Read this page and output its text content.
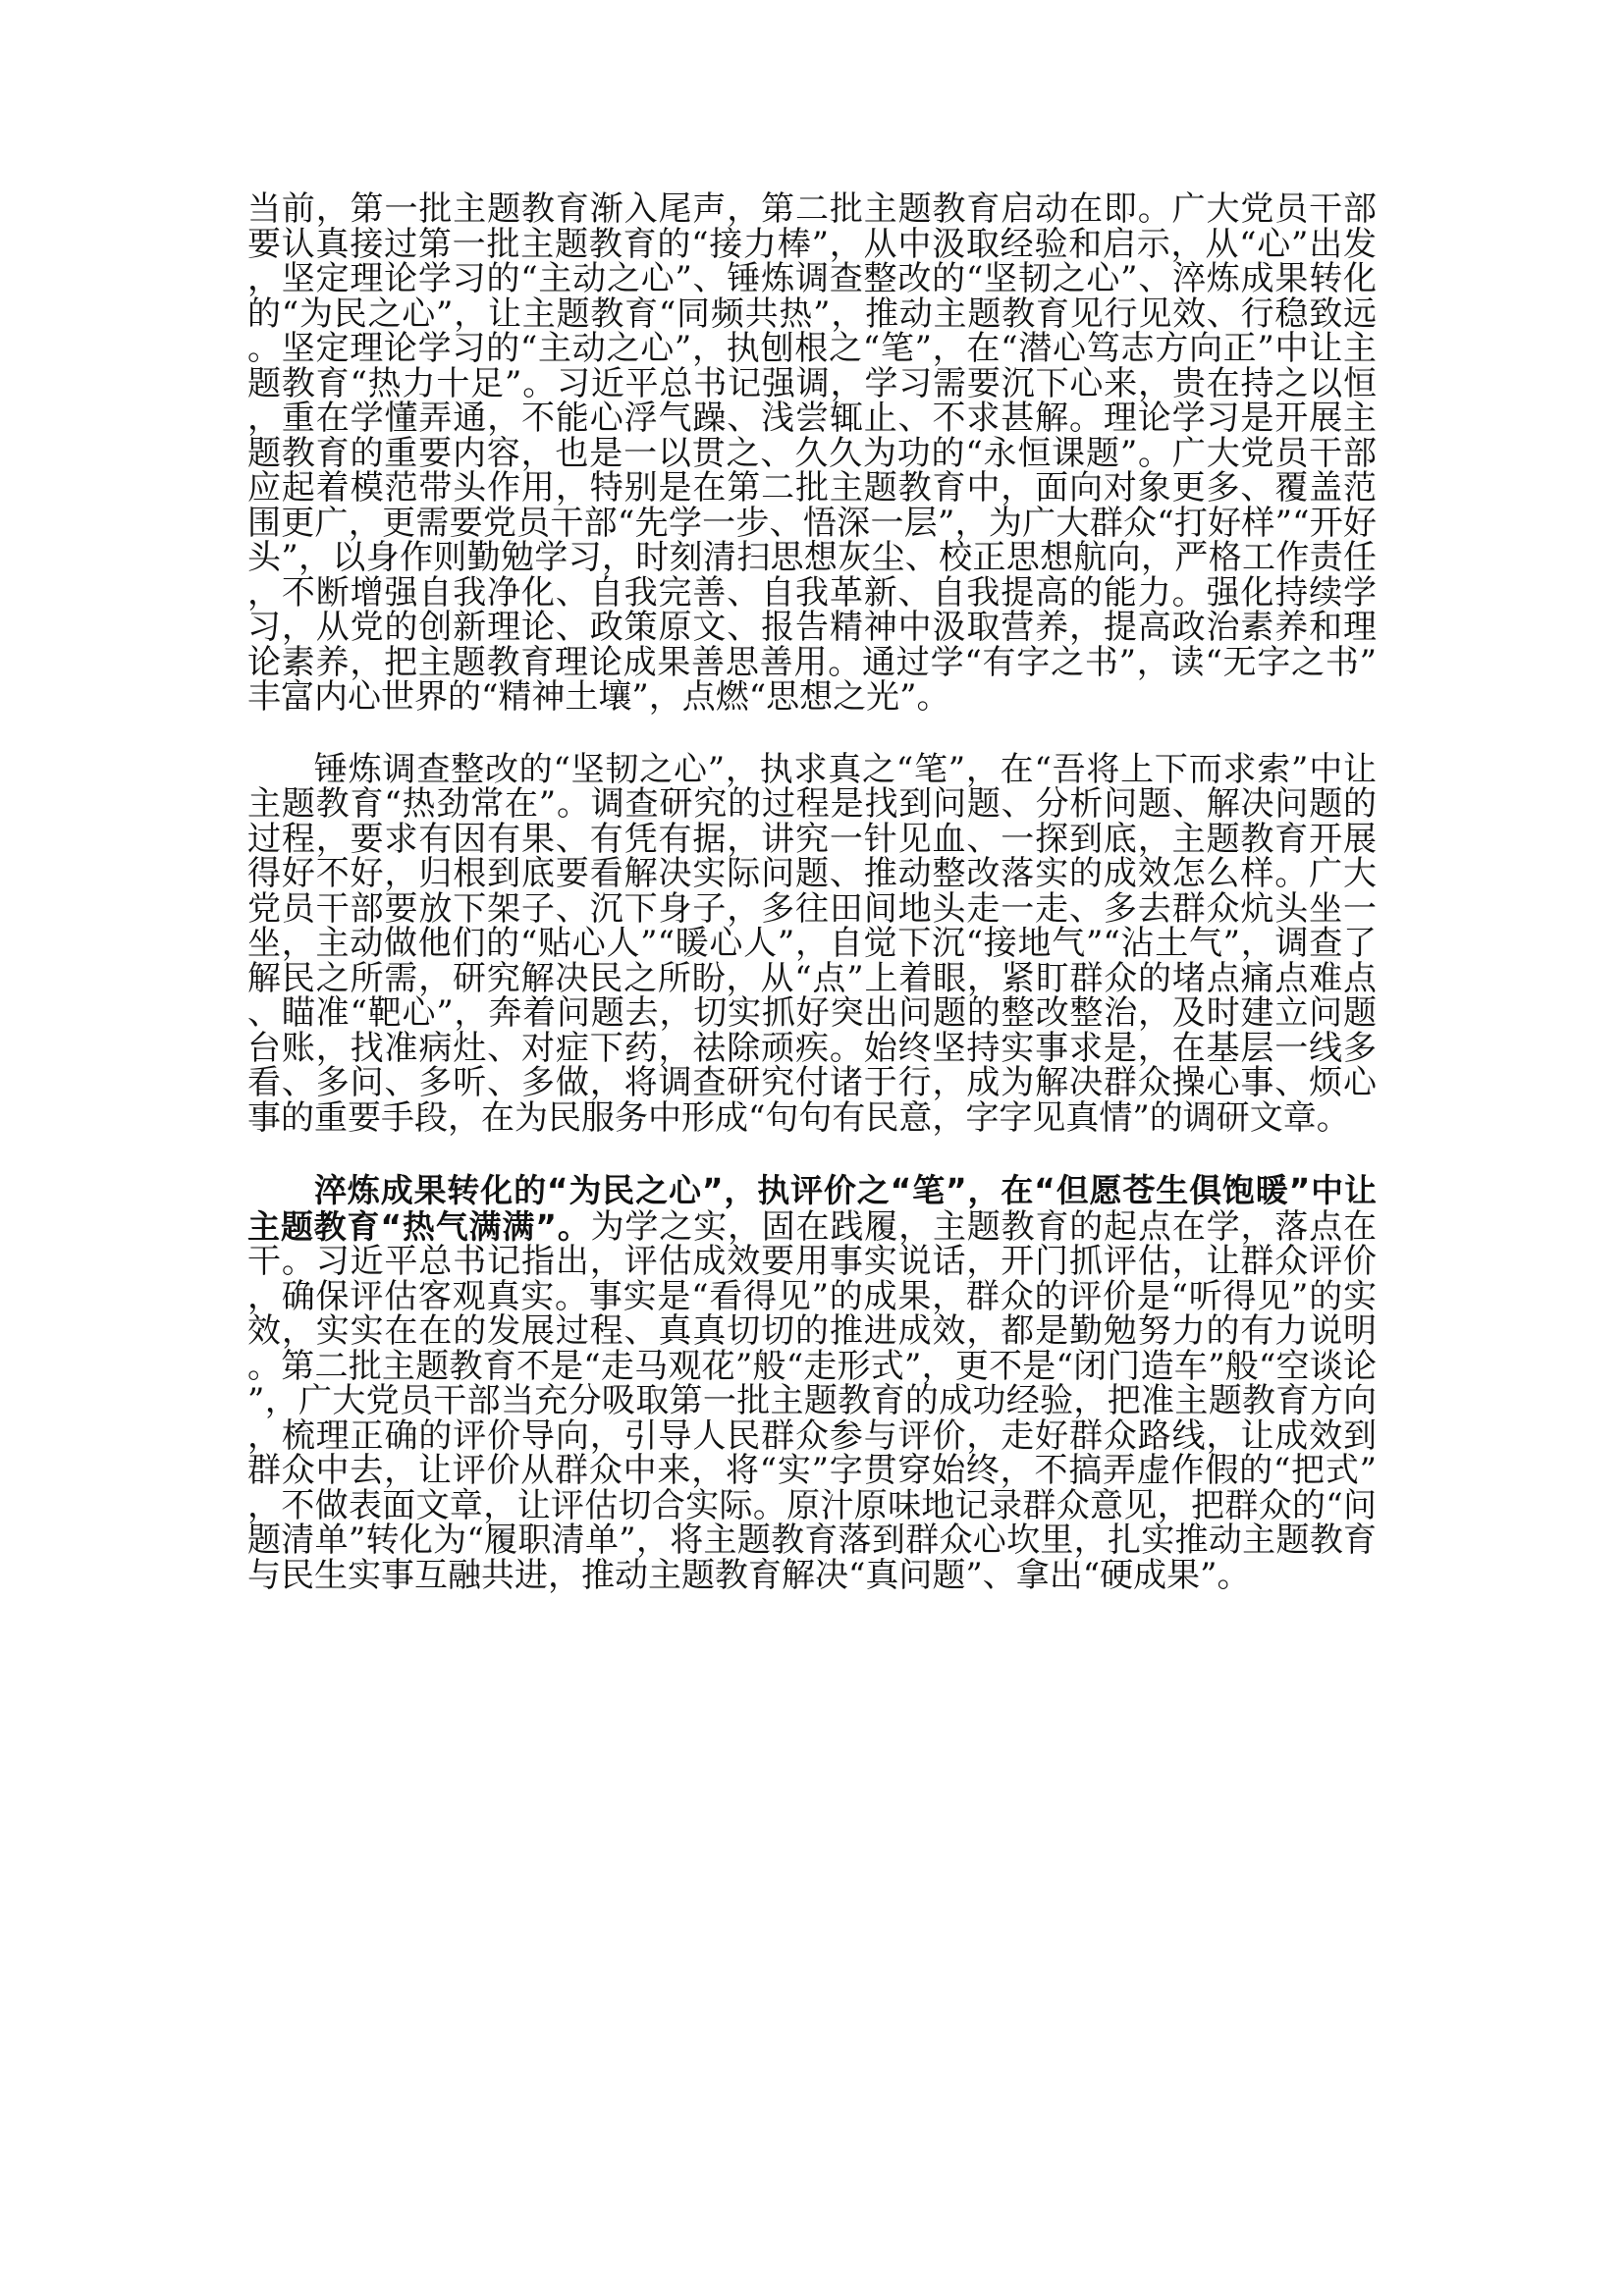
当前，第一批主题教育渐入尾声，第二批主题教育启动在即。广大党员干部要认真接过第一批主题教育的“接力棒”，从中汲取经验和启示，从“心”出发，坚定理论学习的“主动之心”、锤炼调查整改的“坚韧之心”、淬炼成果转化的“为民之心”，让主题教育“同频共热”，推动主题教育见行见效、行稳致远。坚定理论学习的“主动之心”，执刨根之“笔”，在“潜心笃志方向正”中让主题教育“热力十足”。习近平总书记强调，学习需要沉下心来，贵在持之以恒，重在学懂弄通，不能心浮气躁、浅尝辄止、不求甚解。理论学习是开展主题教育的重要内容，也是一以贯之、久久为功的“永恒课题”。广大党员干部应起着模范带头作用，特别是在第二批主题教育中，面向对象更多、覆盖范围更广，更需要党员干部“先学一步、悟深一层”，为广大群众“打好样”“开好头”，以身作则勤勉学习，时刻清扫思想灰尘、校正思想航向，严格工作责任，不断增强自我净化、自我完善、自我革新、自我提高的能力。强化持续学习，从党的创新理论、政策原文、报告精神中汲取营养，提高政治素养和理论素养，把主题教育理论成果善思善用。通过学“有字之书”，读“无字之书”丰富内心世界的“精神土壤”，点燃“思想之光”。

锤炼调查整改的“坚韧之心”，执求真之“笔”，在“吾将上下而求索”中让主题教育“热劲常在”。调查研究的过程是找到问题、分析问题、解决问题的过程，要求有因有果、有凭有据，讲究一针见血、一探到底，主题教育开展得好不好，归根到底要看解决实际问题、推动整改落实的成效怎么样。广大党员干部要放下架子、沉下身子，多往田间地头走一走、多去群众炕头坐一坐，主动做他们的“贴心人”“暖心人”，自觉下沉“接地气”“沾土气”，调查了解民之所需，研究解决民之所盼，从“点”上着眼，紧盯群众的堵点痛点难点、瞄准“靶心”，奔着问题去，切实抓好突出问题的整改整治，及时建立问题台账，找准病灶、对症下药，祛除顽疾。始终坚持实事求是，在基层一线多看、多问、多听、多做，将调查研究付诸于行，成为解决群众操心事、烦心事的重要手段，在为民服务中形成“句句有民意，字字见真情”的调研文章。

淬炼成果转化的“为民之心”，执评价之“笔”，在“但愿苍生俱饱暖”中让主题教育“热气满满”。为学之实，固在践履，主题教育的起点在学，落点在干。习近平总书记指出，评估成效要用事实说话，开门抓评估，让群众评价，确保评估客观真实。事实是“看得见”的成果，群众的评价是“听得见”的实效，实实在在的发展过程、真真切切的推进成效，都是勤勉努力的有力说明。第二批主题教育不是“走马观花”般“走形式”，更不是“闭门造车”般“空谈论”，广大党员干部当充分吸取第一批主题教育的成功经验，把准主题教育方向，梳理正确的评价导向，引导人民群众参与评价，走好群众路线，让成效到群众中去，让评价从群众中来，将“实”字贯穿始终，不搞弄虚作假的“把式”，不做表面文章，让评估切合实际。原汁原味地记录群众意见，把群众的“问题清单”转化为“履职清单”，将主题教育落到群众心坎里，扎实推动主题教育与民生实事互融共进，推动主题教育解决“真问题”、拿出“硬成果”。
